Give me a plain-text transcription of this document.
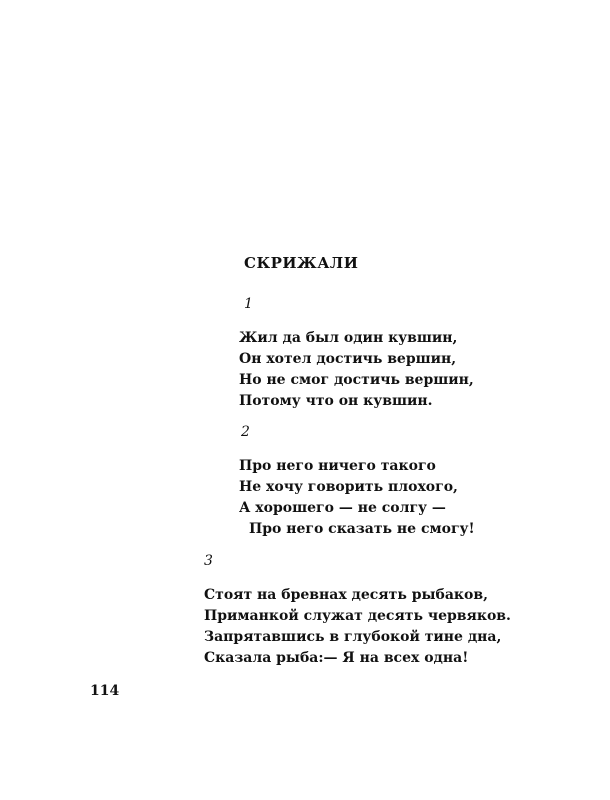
СКРИЖАЛИ
1
Жил да был один кувшин,
Он хотел достичь вершин,
Но не смог достичь вершин,
Потому что он кувшин.
2
Про него ничего такого
Не хочу говорить плохого,
А хорошего — не солгу —
Про него сказать не смогу!
3
Стоят на бревнах десять рыбаков,
Приманкой служат десять червяков.
Запрятавшись в глубокой тине дна,
Сказала рыба:— Я на всех одна!
114
